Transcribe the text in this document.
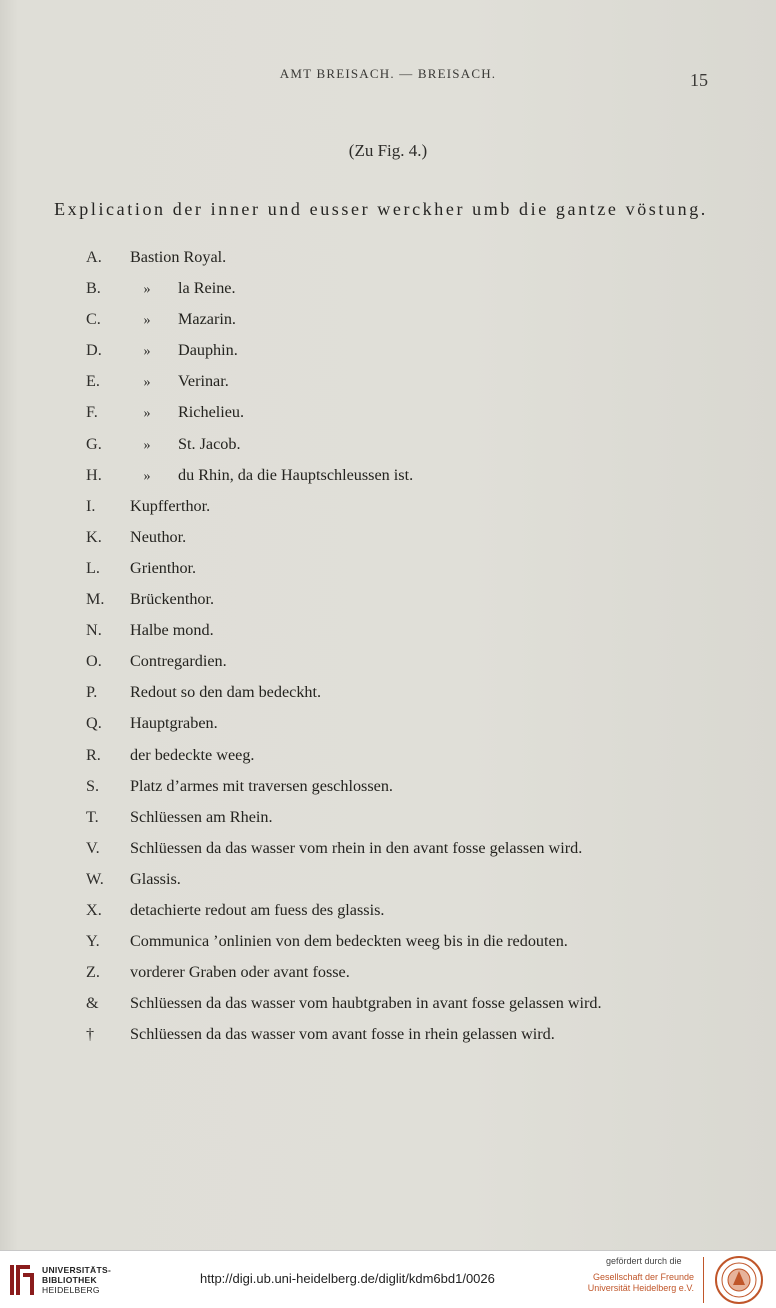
AMT BREISACH. — BREISACH.	15
(Zu Fig. 4.)
Explication der inner und eusser werckher umb die gantze vöstung.
A.	Bastion Royal.
B.	»	la Reine.
C.	»	Mazarin.
D.	»	Dauphin.
E.	»	Verinar.
F.	»	Richelieu.
G.	»	St. Jacob.
H.	»	du Rhin, da die Hauptschleussen ist.
I.	Kupfferthor.
K.	Neuthor.
L.	Grienthor.
M.	Brückenthor.
N.	Halbe mond.
O.	Contregardien.
P.	Redout so den dam bedeckht.
Q.	Hauptgraben.
R.	der bedeckte weeg.
S.	Platz d’armes mit traversen geschlossen.
T.	Schlüessen am Rhein.
V.	Schlüessen da das wasser vom rhein in den avant fosse gelassen wird.
W.	Glassis.
X.	detachierte redout am fuess des glassis.
Y.	Communica ’onlinien von dem bedeckten weeg bis in die redouten.
Z.	vorderer Graben oder avant fosse.
&	Schlüessen da das wasser vom haubtgraben in avant fosse gelassen wird.
†	Schlüessen da das wasser vom avant fosse in rhein gelassen wird.
UNIVERSITÄTS-
BIBLIOTHEK
HEIDELBERG
http://digi.ub.uni-heidelberg.de/diglit/kdm6bd1/0026
gefördert durch die
Gesellschaft der Freunde
Universität Heidelberg e.V.
